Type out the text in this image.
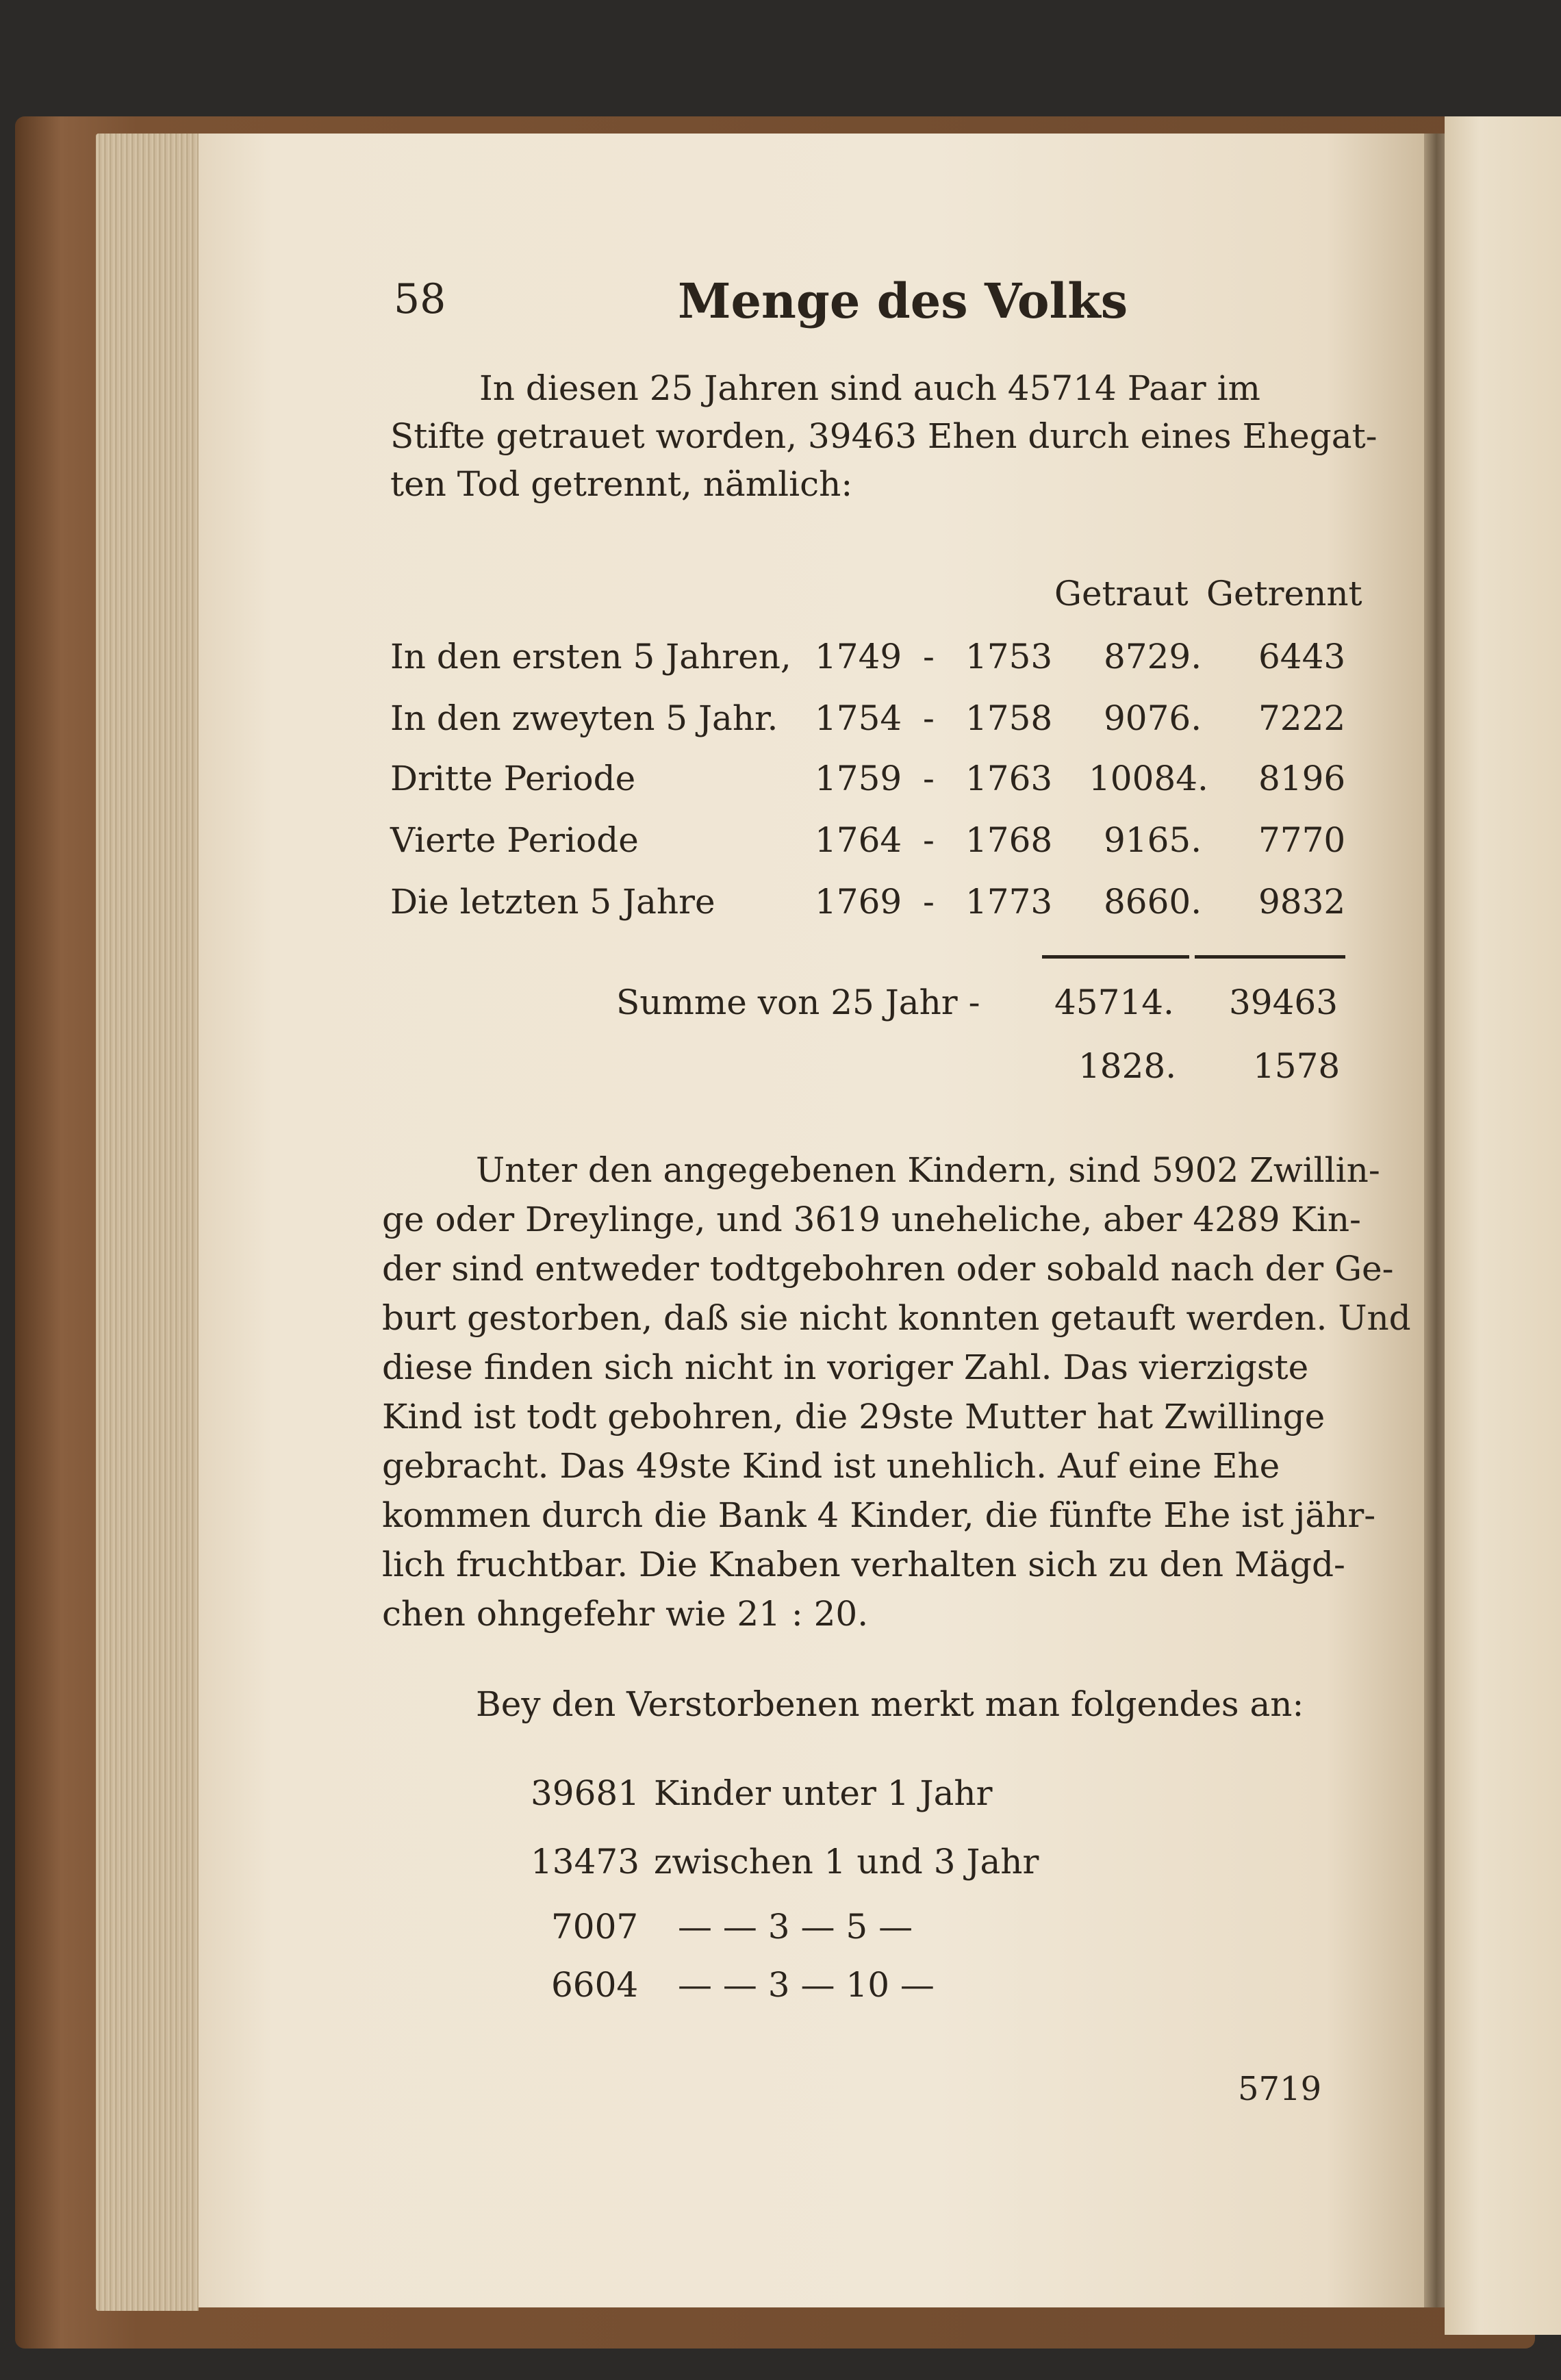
58	Menge des Volks
In diesen 25 Jahren sind auch 45714 Paar im
Stifte getrauet worden, 39463 Ehen durch eines Ehegat-
ten Tod getrennt, nämlich:
Getraut Getrennt
In den ersten 5 Jahren, 1749 - 1753 8729. 6443
In den zweyten 5 Jahr. 1754 - 1758 9076. 7222
Dritte Periode	1759 - 1763 10084. 8196
Vierte Periode	1764 - 1768 9165. 7770
Die letzten 5 Jahre	1769 - 1773 8660. 9832
Summe von 25 Jahr - 45714. 39463
1828. 1578
Unter den angegebenen Kindern, sind 5902 Zwillin-
ge oder Dreylinge, und 3619 uneheliche, aber 4289 Kin-
der sind entweder todtgebohren oder sobald nach der Ge-
burt gestorben, daß sie nicht konnten getauft werden. Und
diese finden sich nicht in voriger Zahl. Das vierzigste
Kind ist todt gebohren, die 29ste Mutter hat Zwillinge
gebracht. Das 49ste Kind ist unehlich. Auf eine Ehe
kommen durch die Bank 4 Kinder, die fünfte Ehe ist jähr-
lich fruchtbar. Die Knaben verhalten sich zu den Mägd-
chen ohngefehr wie 21 : 20.
Bey den Verstorbenen merkt man folgendes an:
39681 Kinder unter 1 Jahr
13473 zwischen 1 und 3 Jahr
7007 — — 3 — 5 —
6604 — — 3 — 10 —
5719
